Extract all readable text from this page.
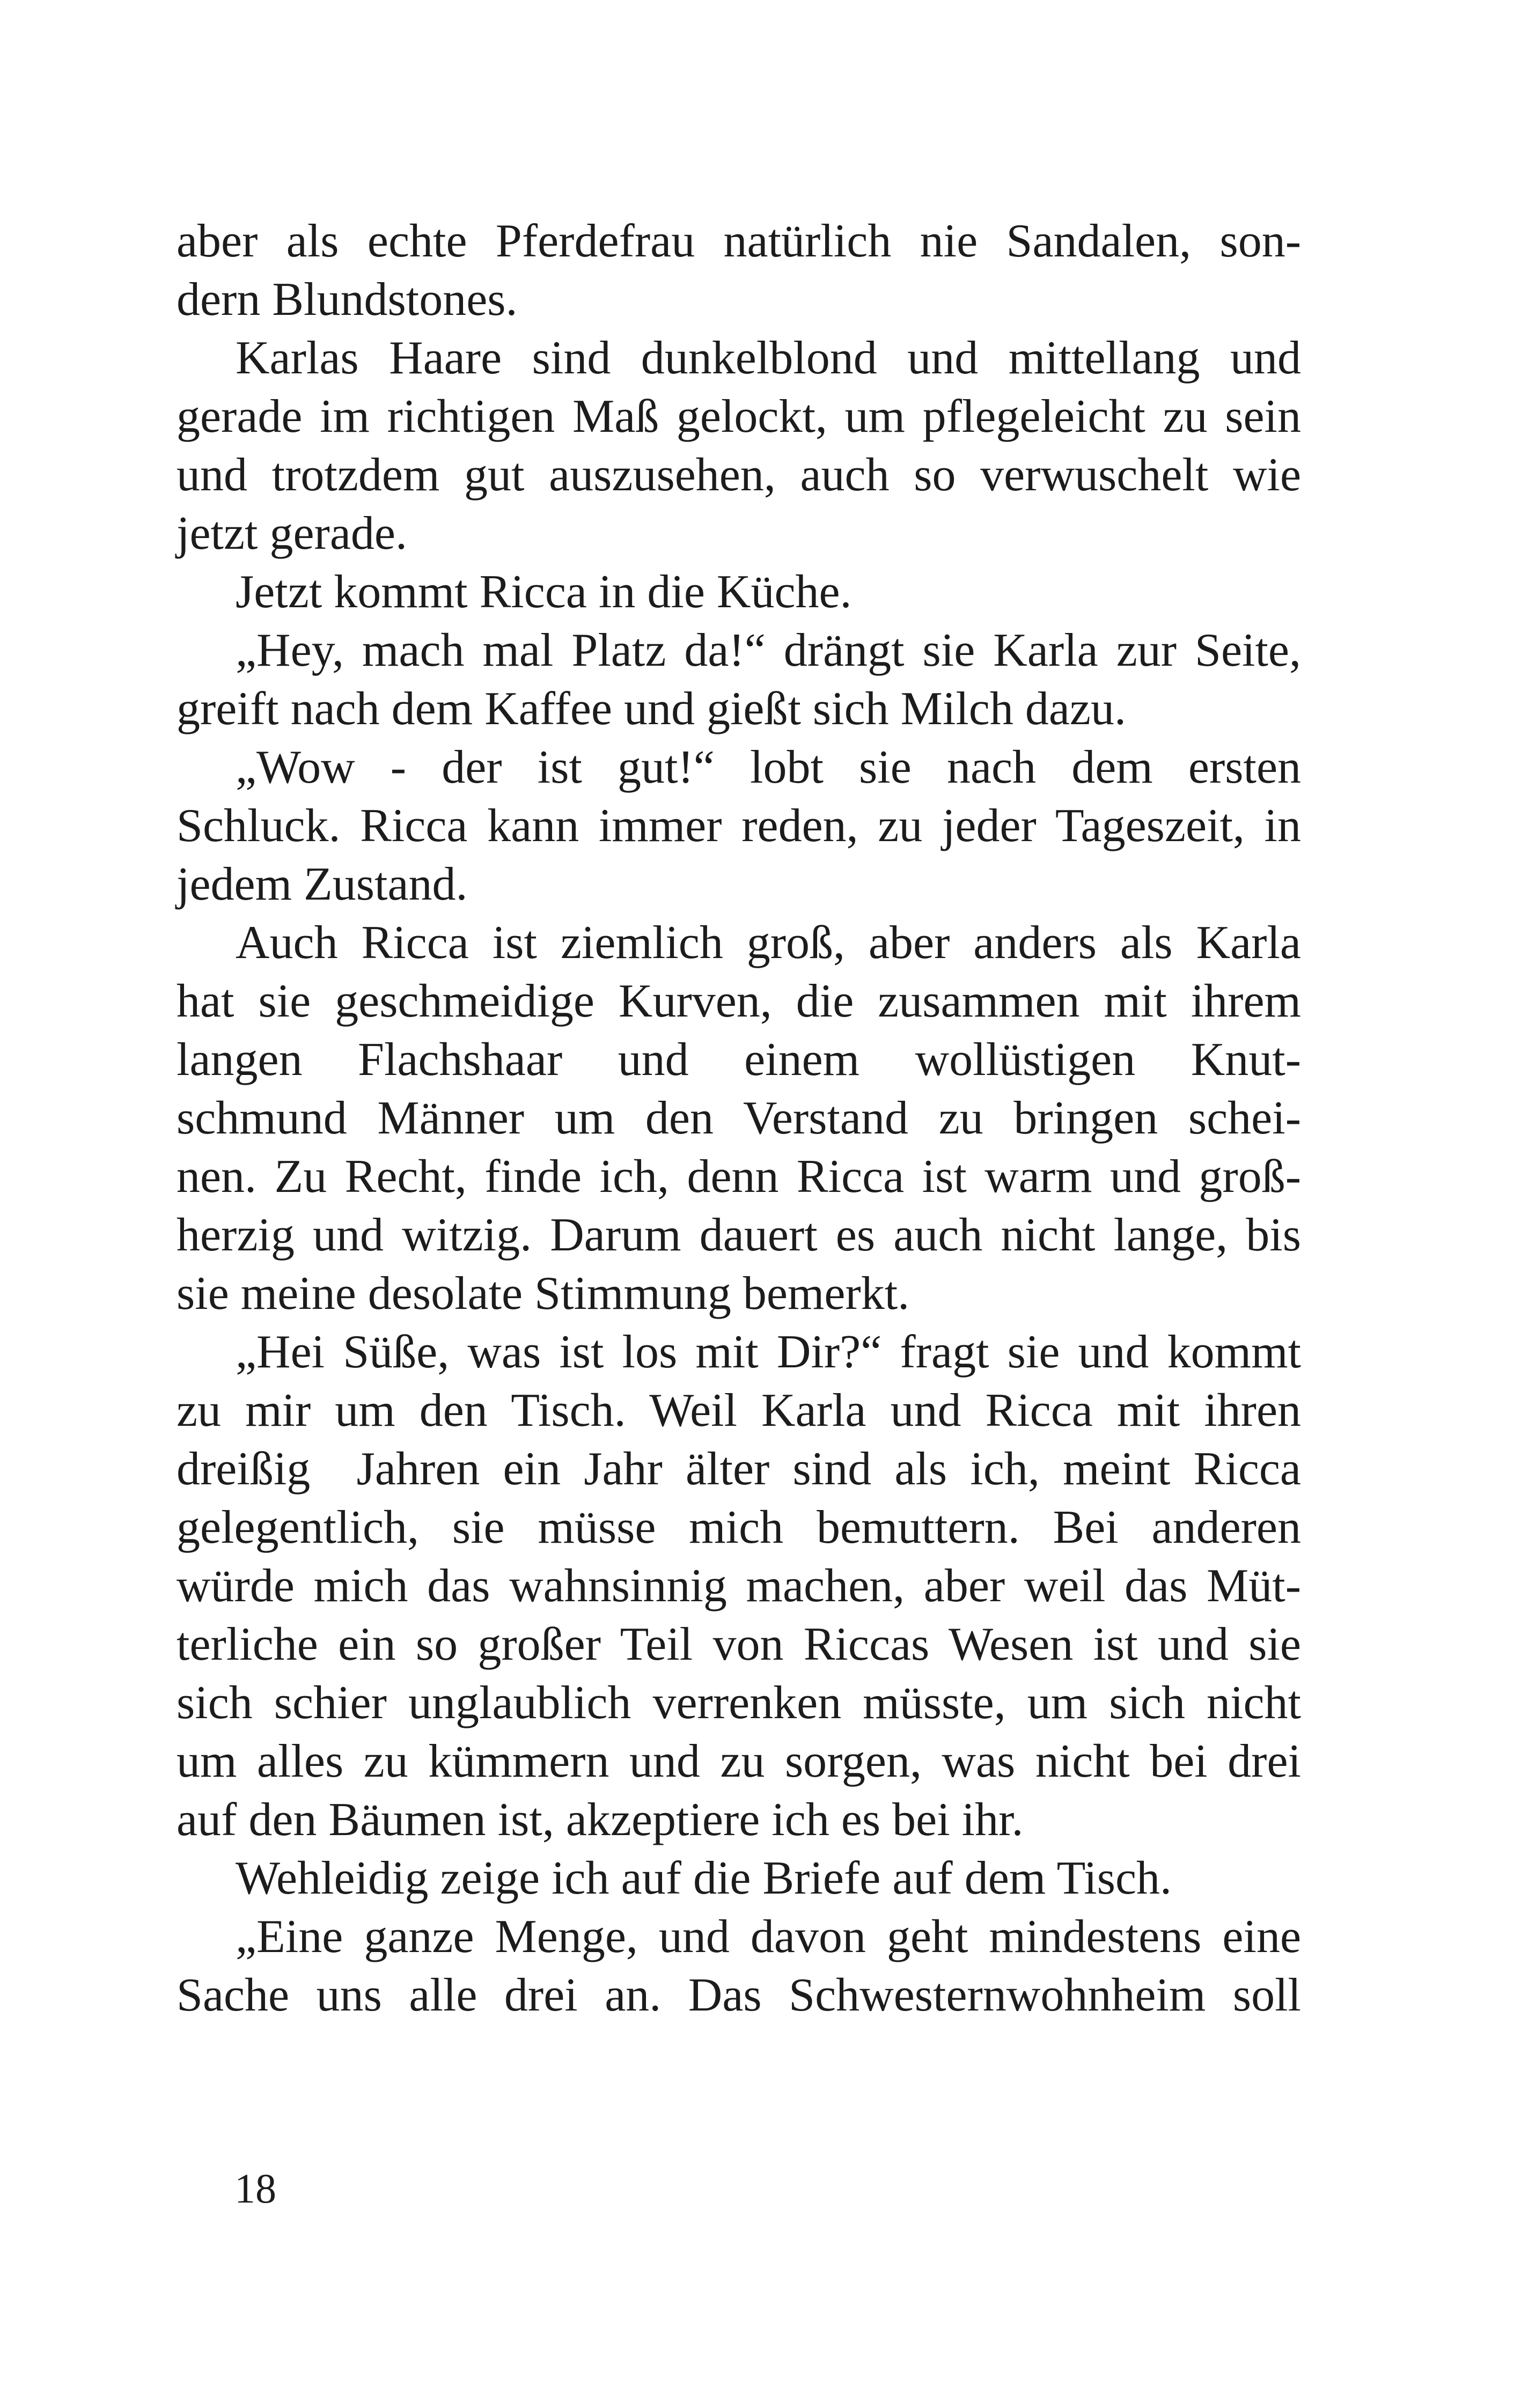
aber als echte Pferdefrau natürlich nie Sandalen, son-
dern Blundstones.

Karlas Haare sind dunkelblond und mittellang und
gerade im richtigen Maß gelockt, um pflegeleicht zu sein
und trotzdem gut auszusehen, auch so verwuschelt wie
jetzt gerade.

Jetzt kommt Ricca in die Küche.

„Hey, mach mal Platz da!“ drängt sie Karla zur Seite,
greift nach dem Kaffee und gießt sich Milch dazu.

„Wow - der ist gut!“ lobt sie nach dem ersten
Schluck. Ricca kann immer reden, zu jeder Tageszeit, in
jedem Zustand.

Auch Ricca ist ziemlich groß, aber anders als Karla
hat sie geschmeidige Kurven, die zusammen mit ihrem
langen Flachshaar und einem wollüstigen Knut-
schmund Männer um den Verstand zu bringen schei-
nen. Zu Recht, finde ich, denn Ricca ist warm und groß-
herzig und witzig. Darum dauert es auch nicht lange, bis
sie meine desolate Stimmung bemerkt.

„Hei Süße, was ist los mit Dir?“ fragt sie und kommt
zu mir um den Tisch. Weil Karla und Ricca mit ihren
dreißig  Jahren ein Jahr älter sind als ich, meint Ricca
gelegentlich, sie müsse mich bemuttern. Bei anderen
würde mich das wahnsinnig machen, aber weil das Müt-
terliche ein so großer Teil von Riccas Wesen ist und sie
sich schier unglaublich verrenken müsste, um sich nicht
um alles zu kümmern und zu sorgen, was nicht bei drei
auf den Bäumen ist, akzeptiere ich es bei ihr.

Wehleidig zeige ich auf die Briefe auf dem Tisch.

„Eine ganze Menge, und davon geht mindestens eine
Sache uns alle drei an. Das Schwesternwohnheim soll

18
